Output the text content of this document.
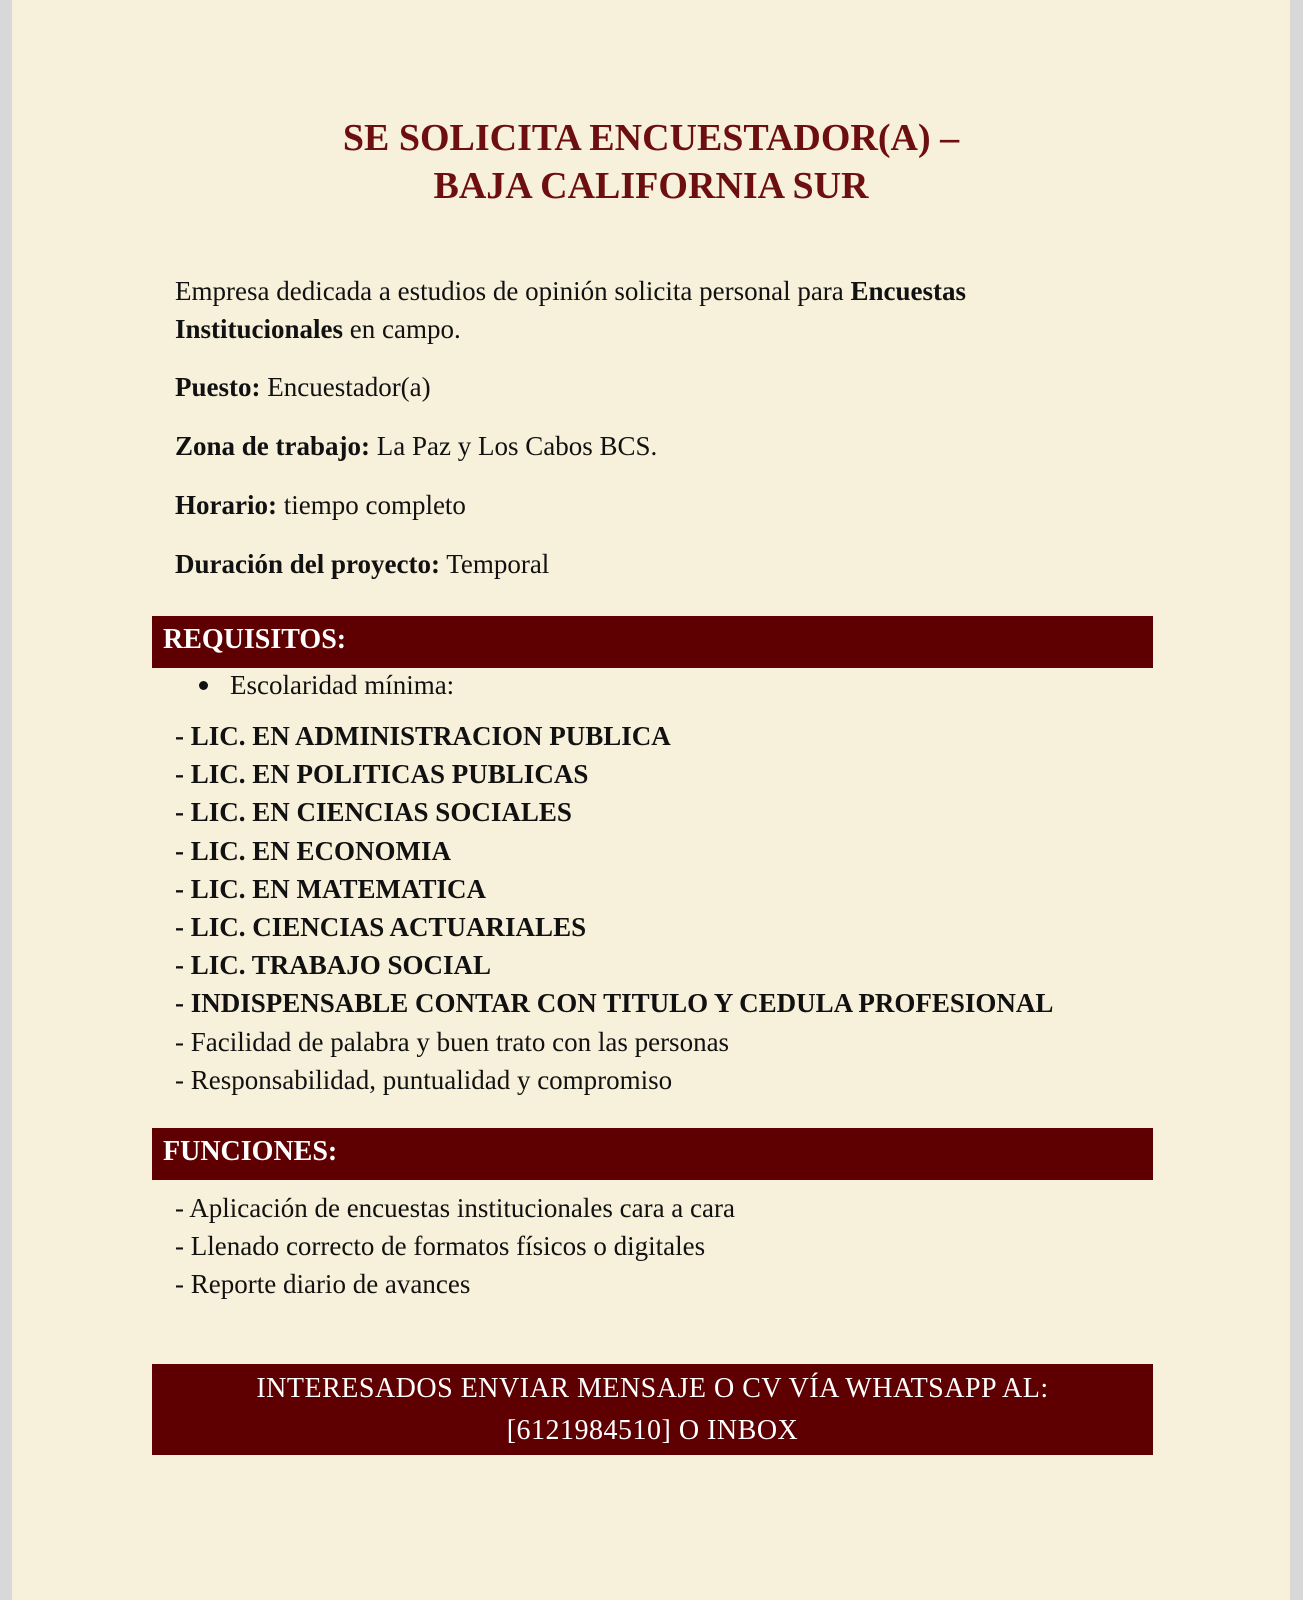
SE SOLICITA ENCUESTADOR(A) –
BAJA CALIFORNIA SUR
Empresa dedicada a estudios de opinión solicita personal para Encuestas Institucionales en campo.
Puesto: Encuestador(a)
Zona de trabajo: La Paz y Los Cabos BCS.
Horario: tiempo completo
Duración del proyecto: Temporal
REQUISITOS:
Escolaridad mínima:
- LIC. EN ADMINISTRACION PUBLICA
- LIC. EN POLITICAS PUBLICAS
- LIC. EN CIENCIAS SOCIALES
- LIC. EN ECONOMIA
- LIC. EN MATEMATICA
- LIC. CIENCIAS ACTUARIALES
- LIC. TRABAJO SOCIAL
- INDISPENSABLE CONTAR CON TITULO Y CEDULA PROFESIONAL
- Facilidad de palabra y buen trato con las personas
- Responsabilidad, puntualidad y compromiso
FUNCIONES:
- Aplicación de encuestas institucionales cara a cara
- Llenado correcto de formatos físicos o digitales
- Reporte diario de avances
INTERESADOS ENVIAR MENSAJE O CV VÍA WHATSAPP AL:
[6121984510] O INBOX
